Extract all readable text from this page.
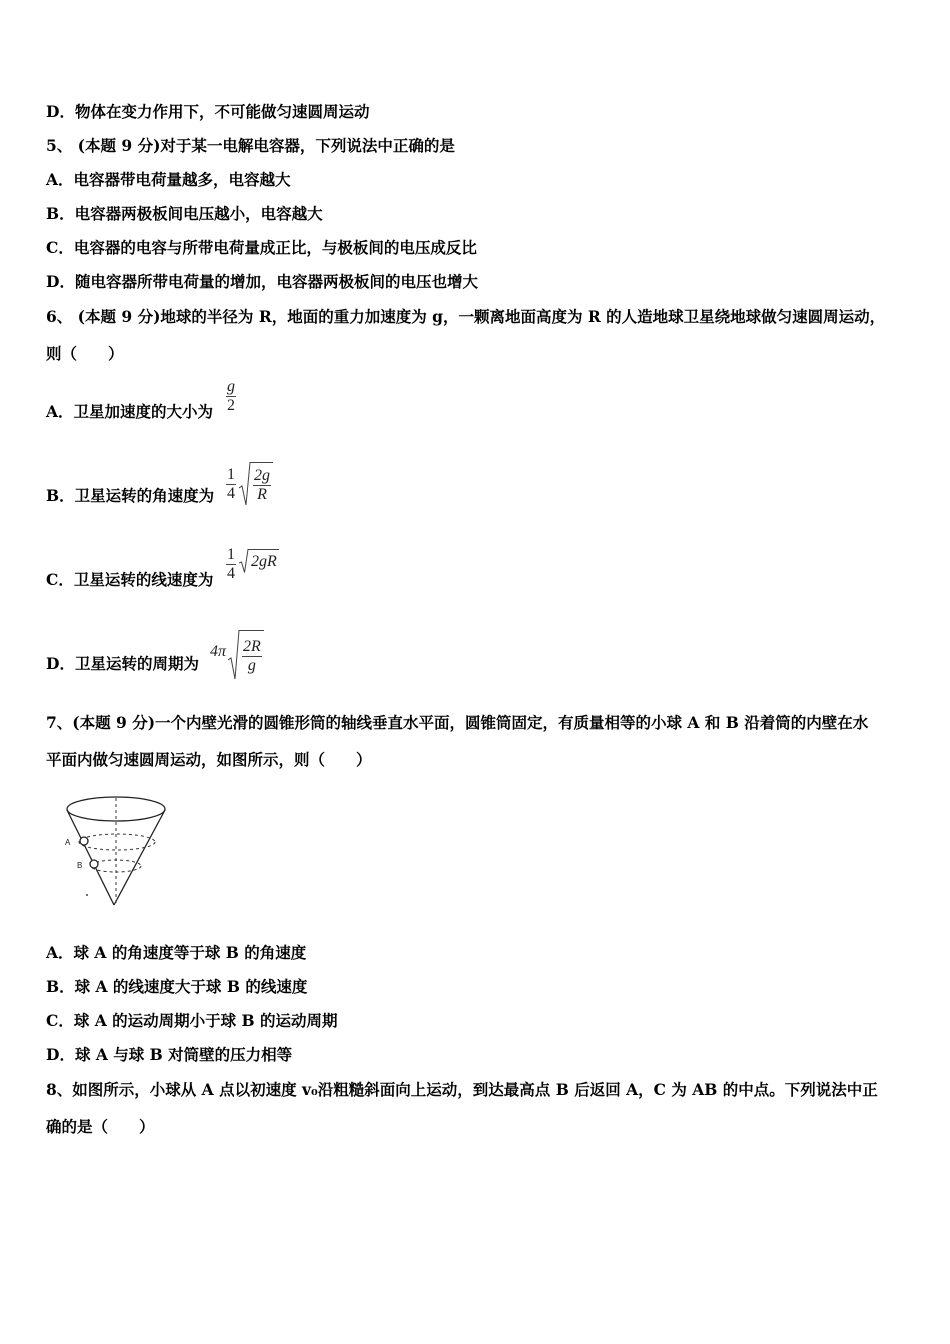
D．物体在变力作用下，不可能做匀速圆周运动
5、 (本题 9 分)对于某一电解电容器，下列说法中正确的是
A．电容器带电荷量越多，电容越大
B．电容器两极板间电压越小，电容越大
C．电容器的电容与所带电荷量成正比，与极板间的电压成反比
D．随电容器所带电荷量的增加，电容器两极板间的电压也增大
6、 (本题 9 分)地球的半径为 R，地面的重力加速度为 g，一颗离地面高度为 R 的人造地球卫星绕地球做匀速圆周运动，
则（　　）
A．卫星加速度的大小为 $\frac{g}{2}$
B．卫星运转的角速度为 $\frac{1}{4} \frac{2g}{R}$
C．卫星运转的线速度为 $\frac{1}{4} 2gR$
D．卫星运转的周期为
$4\pi \frac{2R}{g}$
7、(本题 9 分)一个内壁光滑的圆锥形筒的轴线垂直水平面，圆锥筒固定，有质量相等的小球 A 和 B 沿着筒的内壁在水
平面内做匀速圆周运动，如图所示，则（　　）
A
B
A．球 A 的角速度等于球 B 的角速度
B．球 A 的线速度大于球 B 的线速度
C．球 A 的运动周期小于球 B 的运动周期
D．球 A 与球 B 对筒壁的压力相等
8、如图所示，小球从 A 点以初速度 v₀沿粗糙斜面向上运动，到达最高点 B 后返回 A，C 为 AB 的中点。下列说法中正
确的是（　　）
